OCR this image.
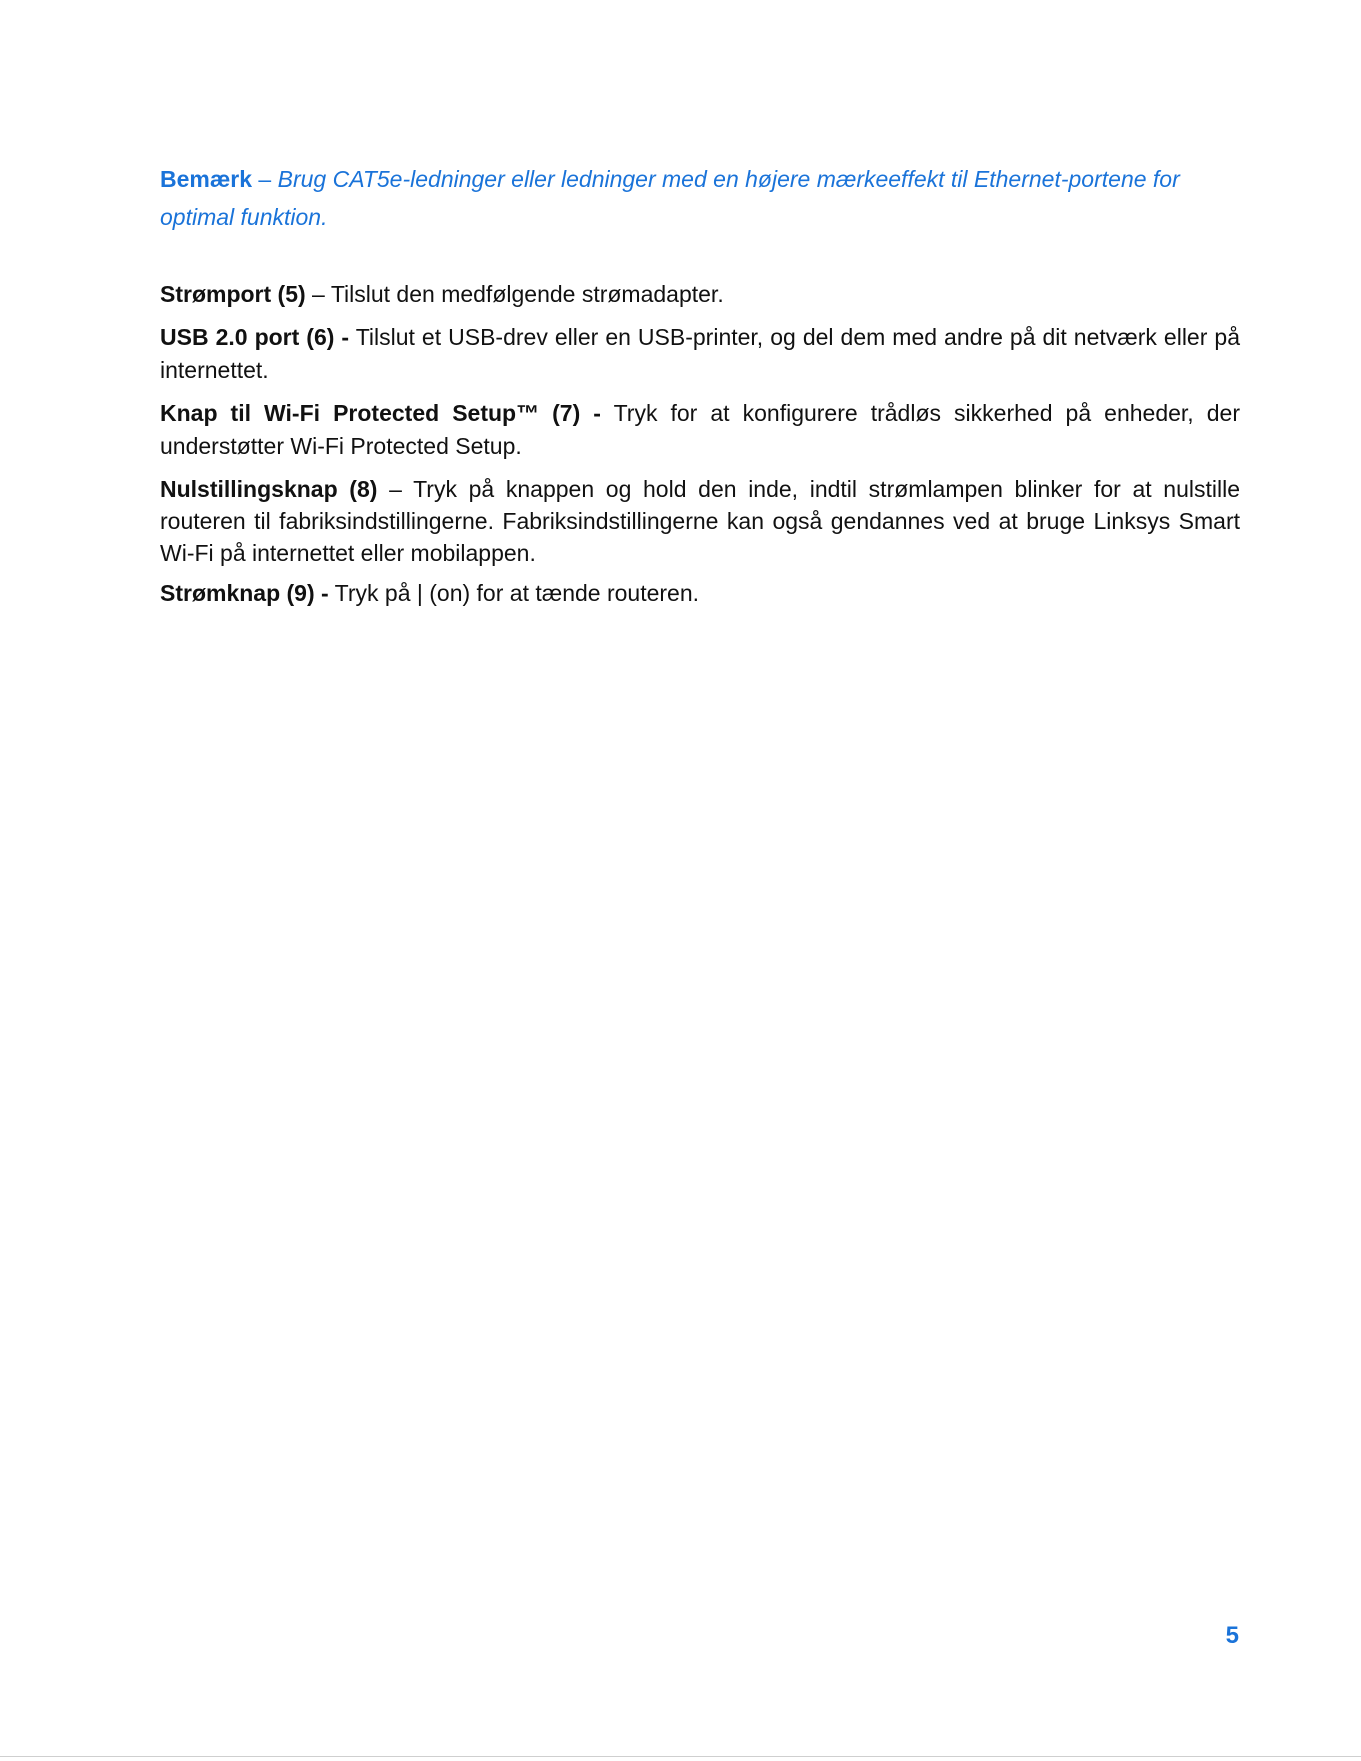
Bemærk – Brug CAT5e-ledninger eller ledninger med en højere mærkeeffekt til Ethernet-portene for optimal funktion.

Strømport (5) – Tilslut den medfølgende strømadapter.

USB 2.0 port (6) - Tilslut et USB-drev eller en USB-printer, og del dem med andre på dit netværk eller på internettet.

Knap til Wi-Fi Protected Setup™ (7) - Tryk for at konfigurere trådløs sikkerhed på enheder, der understøtter Wi-Fi Protected Setup.

Nulstillingsknap (8) – Tryk på knappen og hold den inde, indtil strømlampen blinker for at nulstille routeren til fabriksindstillingerne. Fabriksindstillingerne kan også gendannes ved at bruge Linksys Smart Wi-Fi på internettet eller mobilappen.

Strømknap (9) - Tryk på | (on) for at tænde routeren.

5
